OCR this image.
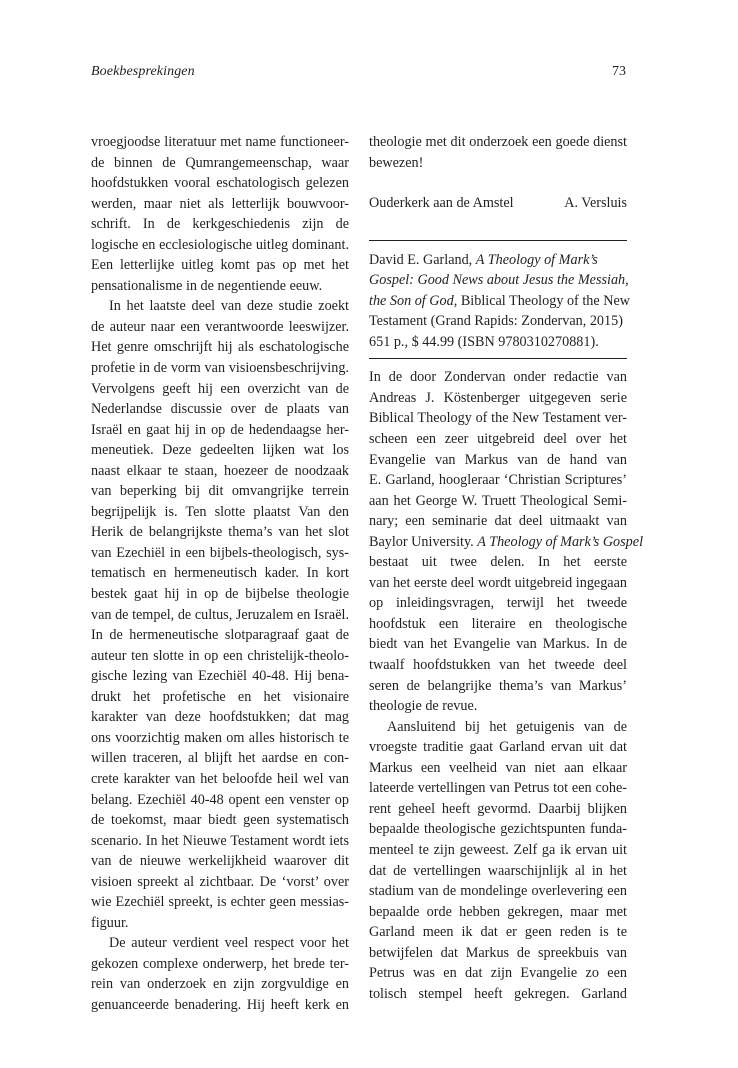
Boekbesprekingen	73
vroegjoodse literatuur met name functioneer-
de binnen de Qumrangemeenschap, waar
hoofdstukken vooral eschatologisch gelezen
werden, maar niet als letterlijk bouwvoor-
schrift. In de kerkgeschiedenis zijn de
logische en ecclesiologische uitleg dominant.
Een letterlijke uitleg komt pas op met het
pensationalisme in de negentiende eeuw.
In het laatste deel van deze studie zoekt
de auteur naar een verantwoorde leeswijzer.
Het genre omschrijft hij als eschatologische
profetie in de vorm van visioensbeschrijving.
Vervolgens geeft hij een overzicht van de
Nederlandse discussie over de plaats van
Israël en gaat hij in op de hedendaagse her-
meneutiek. Deze gedeelten lijken wat los
naast elkaar te staan, hoezeer de noodzaak
van beperking bij dit omvangrijke terrein
begrijpelijk is. Ten slotte plaatst Van den
Herik de belangrijkste thema’s van het slot
van Ezechiël in een bijbels-theologisch, sys-
tematisch en hermeneutisch kader. In kort
bestek gaat hij in op de bijbelse theologie
van de tempel, de cultus, Jeruzalem en Israël.
In de hermeneutische slotparagraaf gaat de
auteur ten slotte in op een christelijk-theolo-
gische lezing van Ezechiël 40-48. Hij bena-
drukt het profetische en het visionaire
karakter van deze hoofdstukken; dat mag
ons voorzichtig maken om alles historisch te
willen traceren, al blijft het aardse en con-
crete karakter van het beloofde heil wel van
belang. Ezechiël 40-48 opent een venster op
de toekomst, maar biedt geen systematisch
scenario. In het Nieuwe Testament wordt iets
van de nieuwe werkelijkheid waarover dit
visioen spreekt al zichtbaar. De ‘vorst’ over
wie Ezechiël spreekt, is echter geen messias-
figuur.
De auteur verdient veel respect voor het
gekozen complexe onderwerp, het brede ter-
rein van onderzoek en zijn zorgvuldige en
genuanceerde benadering. Hij heeft kerk en
theologie met dit onderzoek een goede dienst
bewezen!
Ouderkerk aan de Amstel	A. Versluis
David E. Garland, A Theology of Mark’s
Gospel: Good News about Jesus the Messiah,
the Son of God, Biblical Theology of the New
Testament (Grand Rapids: Zondervan, 2015)
651 p., $ 44.99 (ISBN 9780310270881).
In de door Zondervan onder redactie van
Andreas J. Köstenberger uitgegeven serie
Biblical Theology of the New Testament ver-
scheen een zeer uitgebreid deel over het
Evangelie van Markus van de hand van
E. Garland, hoogleraar ‘Christian Scriptures’
aan het George W. Truett Theological Semi-
nary; een seminarie dat deel uitmaakt van
Baylor University. A Theology of Mark’s Gospel
bestaat uit twee delen. In het eerste
van het eerste deel wordt uitgebreid ingegaan
op inleidingsvragen, terwijl het tweede
hoofdstuk een literaire en theologische
biedt van het Evangelie van Markus. In de
twaalf hoofdstukken van het tweede deel
seren de belangrijke thema’s van Markus’
theologie de revue.
Aansluitend bij het getuigenis van de
vroegste traditie gaat Garland ervan uit dat
Markus een veelheid van niet aan elkaar
lateerde vertellingen van Petrus tot een cohe-
rent geheel heeft gevormd. Daarbij blijken
bepaalde theologische gezichtspunten funda-
menteel te zijn geweest. Zelf ga ik ervan uit
dat de vertellingen waarschijnlijk al in het
stadium van de mondelinge overlevering een
bepaalde orde hebben gekregen, maar met
Garland meen ik dat er geen reden is te
betwijfelen dat Markus de spreekbuis van
Petrus was en dat zijn Evangelie zo een
tolisch stempel heeft gekregen. Garland
